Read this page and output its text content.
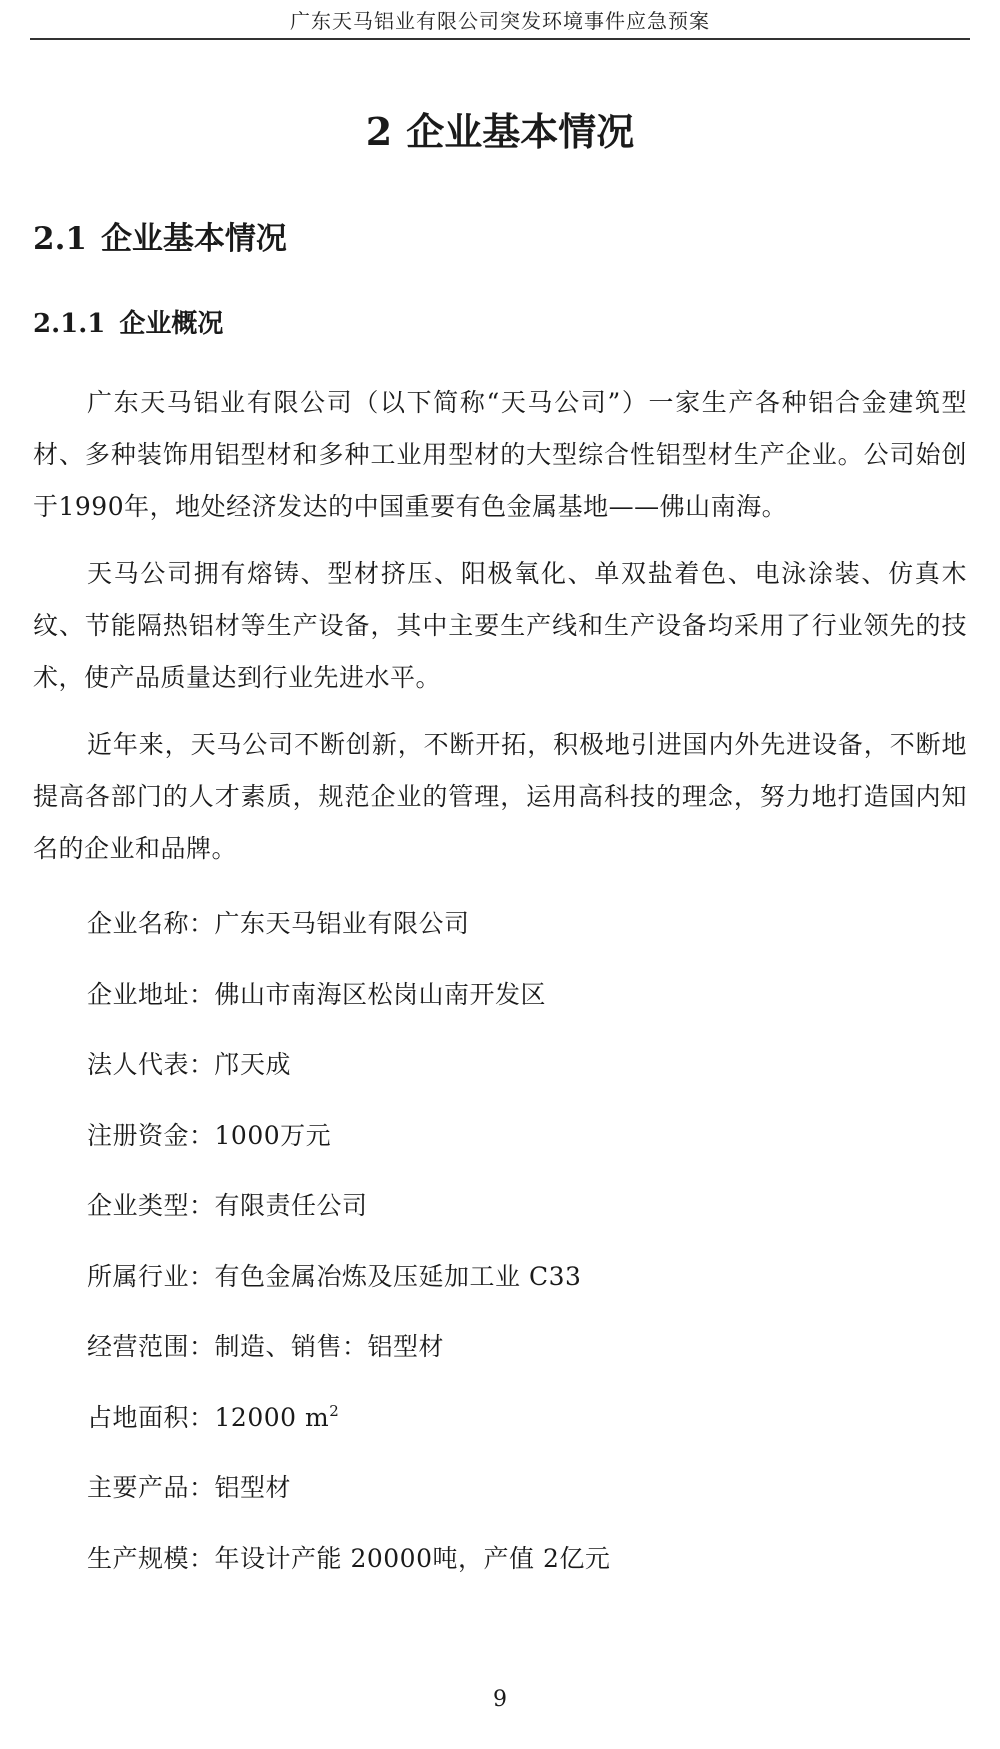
广东天马铝业有限公司突发环境事件应急预案
2 企业基本情况
2.1 企业基本情况
2.1.1 企业概况

广东天马铝业有限公司（以下简称“天马公司”）一家生产各种铝合金建筑型材、多种装饰用铝型材和多种工业用型材的大型综合性铝型材生产企业。公司始创于1990年，地处经济发达的中国重要有色金属基地——佛山南海。

天马公司拥有熔铸、型材挤压、阳极氧化、单双盐着色、电泳涂装、仿真木纹、节能隔热铝材等生产设备，其中主要生产线和生产设备均采用了行业领先的技术，使产品质量达到行业先进水平。

近年来，天马公司不断创新，不断开拓，积极地引进国内外先进设备，不断地提高各部门的人才素质，规范企业的管理，运用高科技的理念，努力地打造国内知名的企业和品牌。

企业名称：广东天马铝业有限公司
企业地址：佛山市南海区松岗山南开发区
法人代表：邝天成
注册资金：1000万元
企业类型：有限责任公司
所属行业：有色金属冶炼及压延加工业 C33
经营范围：制造、销售：铝型材
占地面积：12000 $m^2$
主要产品：铝型材
生产规模：年设计产能 20000吨，产值 2亿元
9
